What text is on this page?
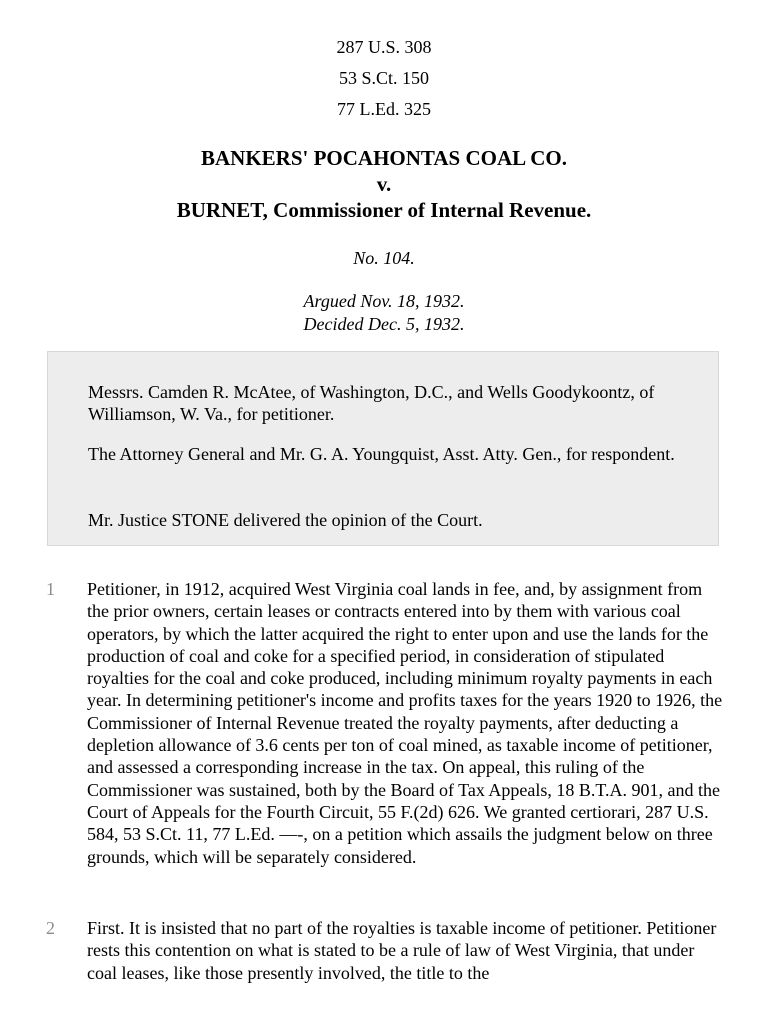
287 U.S. 308
53 S.Ct. 150
77 L.Ed. 325
BANKERS' POCAHONTAS COAL CO.
v.
BURNET, Commissioner of Internal Revenue.
No. 104.
Argued Nov. 18, 1932.
Decided Dec. 5, 1932.

Messrs. Camden R. McAtee, of Washington, D.C., and Wells Goodykoontz, of Williamson, W. Va., for petitioner.

The Attorney General and Mr. G. A. Youngquist, Asst. Atty. Gen., for respondent.

Mr. Justice STONE delivered the opinion of the Court.

1 Petitioner, in 1912, acquired West Virginia coal lands in fee, and, by assignment from the prior owners, certain leases or contracts entered into by them with various coal operators, by which the latter acquired the right to enter upon and use the lands for the production of coal and coke for a specified period, in consideration of stipulated royalties for the coal and coke produced, including minimum royalty payments in each year. In determining petitioner's income and profits taxes for the years 1920 to 1926, the Commissioner of Internal Revenue treated the royalty payments, after deducting a depletion allowance of 3.6 cents per ton of coal mined, as taxable income of petitioner, and assessed a corresponding increase in the tax. On appeal, this ruling of the Commissioner was sustained, both by the Board of Tax Appeals, 18 B.T.A. 901, and the Court of Appeals for the Fourth Circuit, 55 F.(2d) 626. We granted certiorari, 287 U.S. 584, 53 S.Ct. 11, 77 L.Ed. —-, on a petition which assails the judgment below on three grounds, which will be separately considered.

2 First. It is insisted that no part of the royalties is taxable income of petitioner. Petitioner rests this contention on what is stated to be a rule of law of West Virginia, that under coal leases, like those presently involved, the title to the
